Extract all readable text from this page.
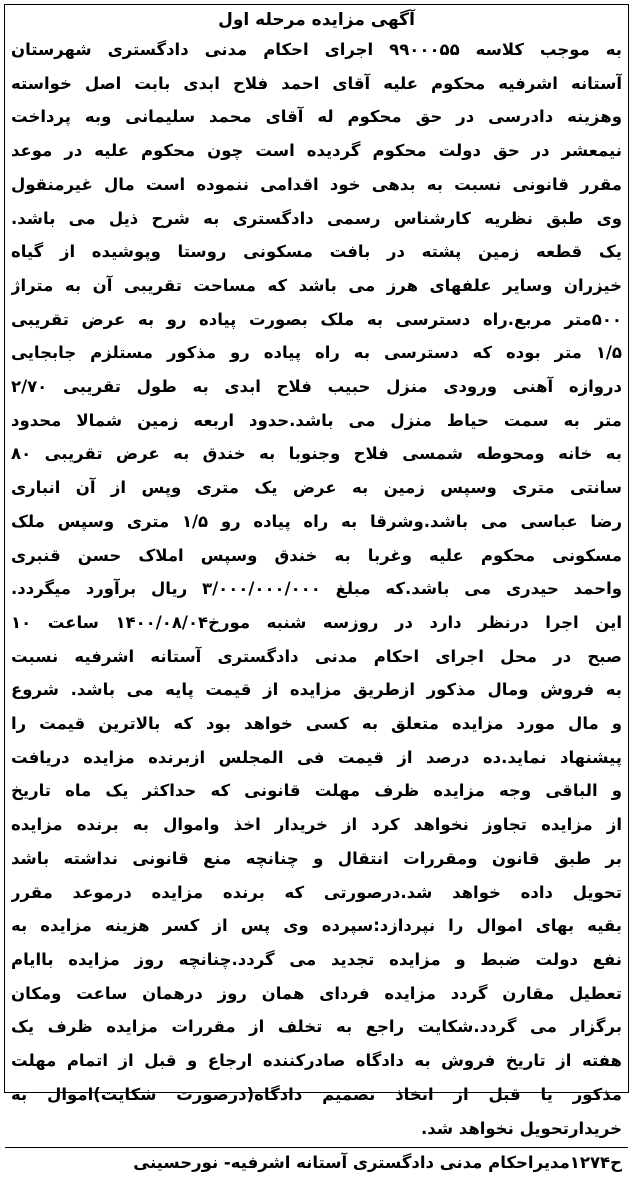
آگهی مزایده مرحله اول
به موجب کلاسه ۹۹۰۰۰۵۵ اجرای احکام مدنی دادگستری شهرستان
آستانه اشرفیه محکوم علیه آقای احمد فلاح ابدی بابت اصل خواسته
وهزینه دادرسی در حق محکوم له آقای محمد سلیمانی وبه پرداخت
نیمعشر در حق دولت محکوم گردیده است چون محکوم علیه در موعد
مقرر قانونی نسبت به بدهی خود اقدامی ننموده است مال غیرمنقول
وی طبق نظریه کارشناس رسمی دادگستری به شرح ذیل می باشد.
یک قطعه زمین پشته در بافت مسکونی روستا وپوشیده از گیاه
خیزران وسایر علفهای هرز می باشد که مساحت تقریبی آن به متراژ
۵۰۰متر مربع.راه دسترسی به ملک بصورت پیاده رو به عرض تقریبی
۱/۵ متر بوده که دسترسی به راه پیاده رو مذکور مستلزم جابجایی
دروازه آهنی ورودی منزل حبیب فلاح ابدی به طول تقریبی ۲/۷۰
متر به سمت حیاط منزل می باشد.حدود اربعه زمین شمالا محدود
به خانه ومحوطه شمسی فلاح وجنوبا به خندق به عرض تقریبی ۸۰
سانتی متری وسپس زمین به عرض یک متری وپس از آن انباری
رضا عباسی می باشد.وشرقا به راه پیاده رو ۱/۵ متری وسپس ملک
مسکونی محکوم علیه وغربا به خندق وسپس املاک حسن قنبری
واحمد حیدری می باشد.که مبلغ ۳/۰۰۰/۰۰۰/۰۰۰ ریال برآورد میگردد.
این اجرا درنظر دارد در روزسه شنبه مورخ۱۴۰۰/۰۸/۰۴ ساعت ۱۰
صبح در محل اجرای احکام مدنی دادگستری آستانه اشرفیه نسبت
به فروش ومال مذکور ازطریق مزایده از قیمت پایه می باشد. شروع
و مال مورد مزایده متعلق به کسی خواهد بود که بالاترین قیمت را
پیشنهاد نماید.ده درصد از قیمت فی المجلس ازبرنده مزایده دریافت
و الباقی وجه مزایده ظرف مهلت قانونی که حداکثر یک ماه تاریخ
از مزایده تجاوز نخواهد کرد از خریدار اخذ واموال به برنده مزایده
بر طبق قانون ومقررات انتقال و چنانچه منع قانونی نداشته باشد
تحویل داده خواهد شد.درصورتی که برنده مزایده درموعد مقرر
بقیه بهای اموال را نپردازد:سپرده وی پس از کسر هزینه مزایده به
نفع دولت ضبط و مزایده تجدید می گردد.چنانچه روز مزایده باایام
تعطیل مقارن گردد مزایده فردای همان روز درهمان ساعت ومکان
برگزار می گردد.شکایت راجع به تخلف از مقررات مزایده ظرف یک
هفته از تاریخ فروش به دادگاه صادرکننده ارجاع و قبل از اتمام مهلت
مذکور یا قبل از اتخاذ تصمیم دادگاه(درصورت شکایت)اموال به
خریدارتحویل نخواهد شد.
ح۱۲۷۴مدیراحکام مدنی دادگستری آستانه اشرفیه- نورحسینی
